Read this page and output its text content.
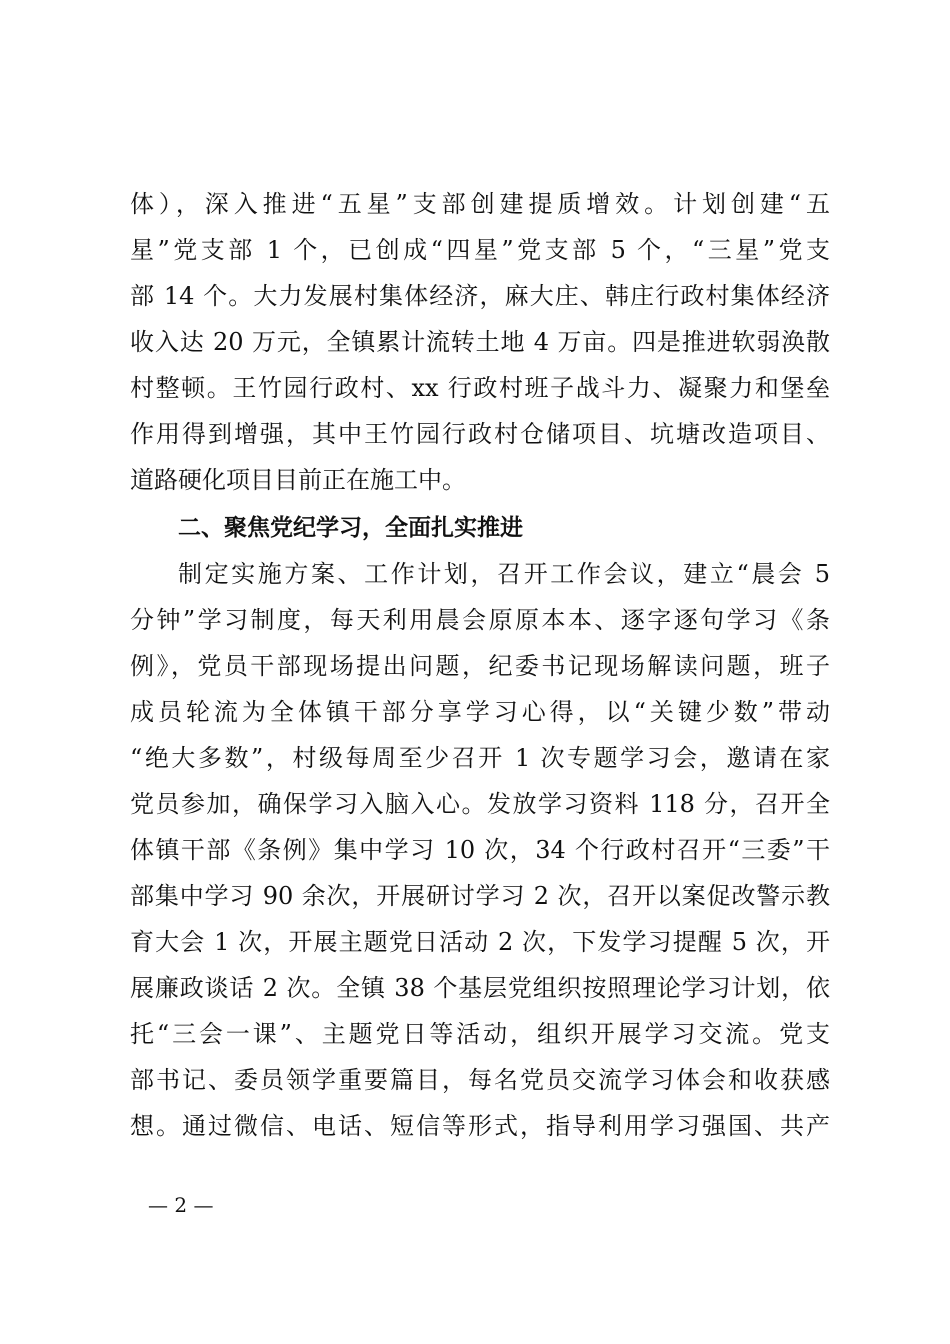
体），深入推进“五星”支部创建提质增效。计划创建“五
星”党支部 1 个，已创成“四星”党支部 5 个，“三星”党支
部 14 个。大力发展村集体经济，麻大庄、韩庄行政村集体经济
收入达 20 万元，全镇累计流转土地 4 万亩。四是推进软弱涣散
村整顿。王竹园行政村、xx 行政村班子战斗力、凝聚力和堡垒
作用得到增强，其中王竹园行政村仓储项目、坑塘改造项目、
道路硬化项目目前正在施工中。
二、聚焦党纪学习，全面扎实推进
制定实施方案、工作计划，召开工作会议，建立“晨会 5
分钟”学习制度，每天利用晨会原原本本、逐字逐句学习《条
例》，党员干部现场提出问题，纪委书记现场解读问题，班子
成员轮流为全体镇干部分享学习心得，以“关键少数”带动
“绝大多数”，村级每周至少召开 1 次专题学习会，邀请在家
党员参加，确保学习入脑入心。发放学习资料 118 分，召开全
体镇干部《条例》集中学习 10 次，34 个行政村召开“三委”干
部集中学习 90 余次，开展研讨学习 2 次，召开以案促改警示教
育大会 1 次，开展主题党日活动 2 次，下发学习提醒 5 次，开
展廉政谈话 2 次。全镇 38 个基层党组织按照理论学习计划，依
托“三会一课”、主题党日等活动，组织开展学习交流。党支
部书记、委员领学重要篇目，每名党员交流学习体会和收获感
想。通过微信、电话、短信等形式，指导利用学习强国、共产
— 2 —
